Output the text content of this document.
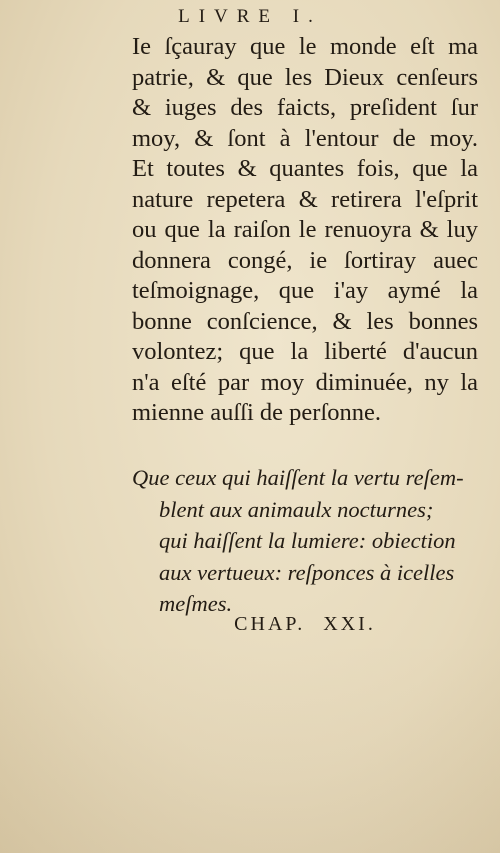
LIVRE I.
Ie ſçauray que le monde eſt ma
patrie, & que les Dieux cenſeurs
& iuges des faicts, preſident ſur
moy, & ſont à l'entour de moy.
Et toutes & quantes fois, que la
nature repetera & retirera l'eſprit
ou que la raiſon le renuoyra & luy
donnera congé, ie ſortiray auec
teſmoignage, que i'ay aymé la
bonne conſcience, & les bonnes
volontez; que la liberté d'aucun
n'a eſté par moy diminuée, ny la
mienne auſſi de perſonne.
Que ceux qui haiſſent la vertu reſem-
blent aux animaulx nocturnes;
qui haiſſent la lumiere: obiection
aux vertueux: reſponces à icelles
meſmes.
CHAP. XXI.
